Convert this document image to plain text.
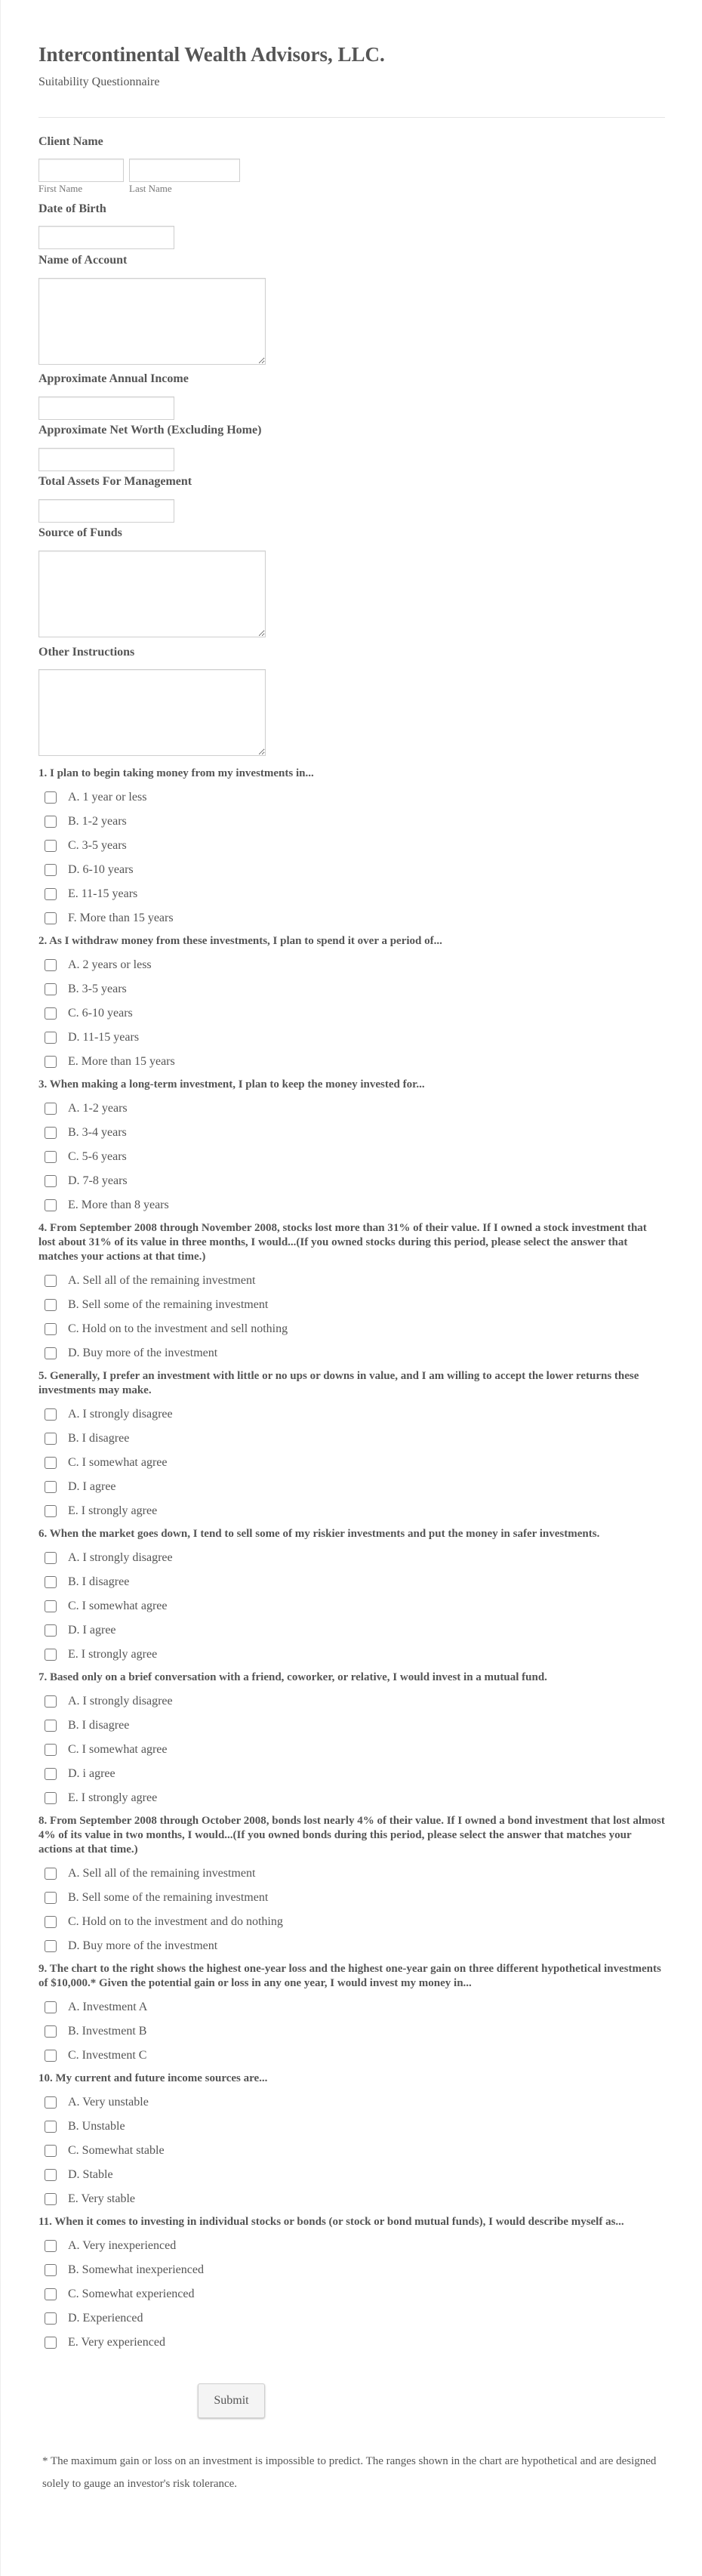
Intercontinental Wealth Advisors, LLC.
Suitability Questionnaire
Client Name
First Name	Last Name
Date of Birth
Name of Account
Approximate Annual Income
Approximate Net Worth (Excluding Home)
Total Assets For Management
Source of Funds
Other Instructions
1. I plan to begin taking money from my investments in...
A. 1 year or less
B. 1-2 years
C. 3-5 years
D. 6-10 years
E. 11-15 years
F. More than 15 years
2. As I withdraw money from these investments, I plan to spend it over a period of...
A. 2 years or less
B. 3-5 years
C. 6-10 years
D. 11-15 years
E. More than 15 years
3. When making a long-term investment, I plan to keep the money invested for...
A. 1-2 years
B. 3-4 years
C. 5-6 years
D. 7-8 years
E. More than 8 years
4. From September 2008 through November 2008, stocks lost more than 31% of their value. If I owned a stock investment that lost about 31% of its value in three months, I would...(If you owned stocks during this period, please select the answer that matches your actions at that time.)
A. Sell all of the remaining investment
B. Sell some of the remaining investment
C. Hold on to the investment and sell nothing
D. Buy more of the investment
5. Generally, I prefer an investment with little or no ups or downs in value, and I am willing to accept the lower returns these investments may make.
A. I strongly disagree
B. I disagree
C. I somewhat agree
D. I agree
E. I strongly agree
6. When the market goes down, I tend to sell some of my riskier investments and put the money in safer investments.
A. I strongly disagree
B. I disagree
C. I somewhat agree
D. I agree
E. I strongly agree
7. Based only on a brief conversation with a friend, coworker, or relative, I would invest in a mutual fund.
A. I strongly disagree
B. I disagree
C. I somewhat agree
D. i agree
E. I strongly agree
8. From September 2008 through October 2008, bonds lost nearly 4% of their value. If I owned a bond investment that lost almost 4% of its value in two months, I would...(If you owned bonds during this period, please select the answer that matches your actions at that time.)
A. Sell all of the remaining investment
B. Sell some of the remaining investment
C. Hold on to the investment and do nothing
D. Buy more of the investment
9. The chart to the right shows the highest one-year loss and the highest one-year gain on three different hypothetical investments of $10,000.* Given the potential gain or loss in any one year, I would invest my money in...
A. Investment A
B. Investment B
C. Investment C
10. My current and future income sources are...
A. Very unstable
B. Unstable
C. Somewhat stable
D. Stable
E. Very stable
11. When it comes to investing in individual stocks or bonds (or stock or bond mutual funds), I would describe myself as...
A. Very inexperienced
B. Somewhat inexperienced
C. Somewhat experienced
D. Experienced
E. Very experienced
Submit

* The maximum gain or loss on an investment is impossible to predict. The ranges shown in the chart are hypothetical and are designed solely to gauge an investor's risk tolerance.
